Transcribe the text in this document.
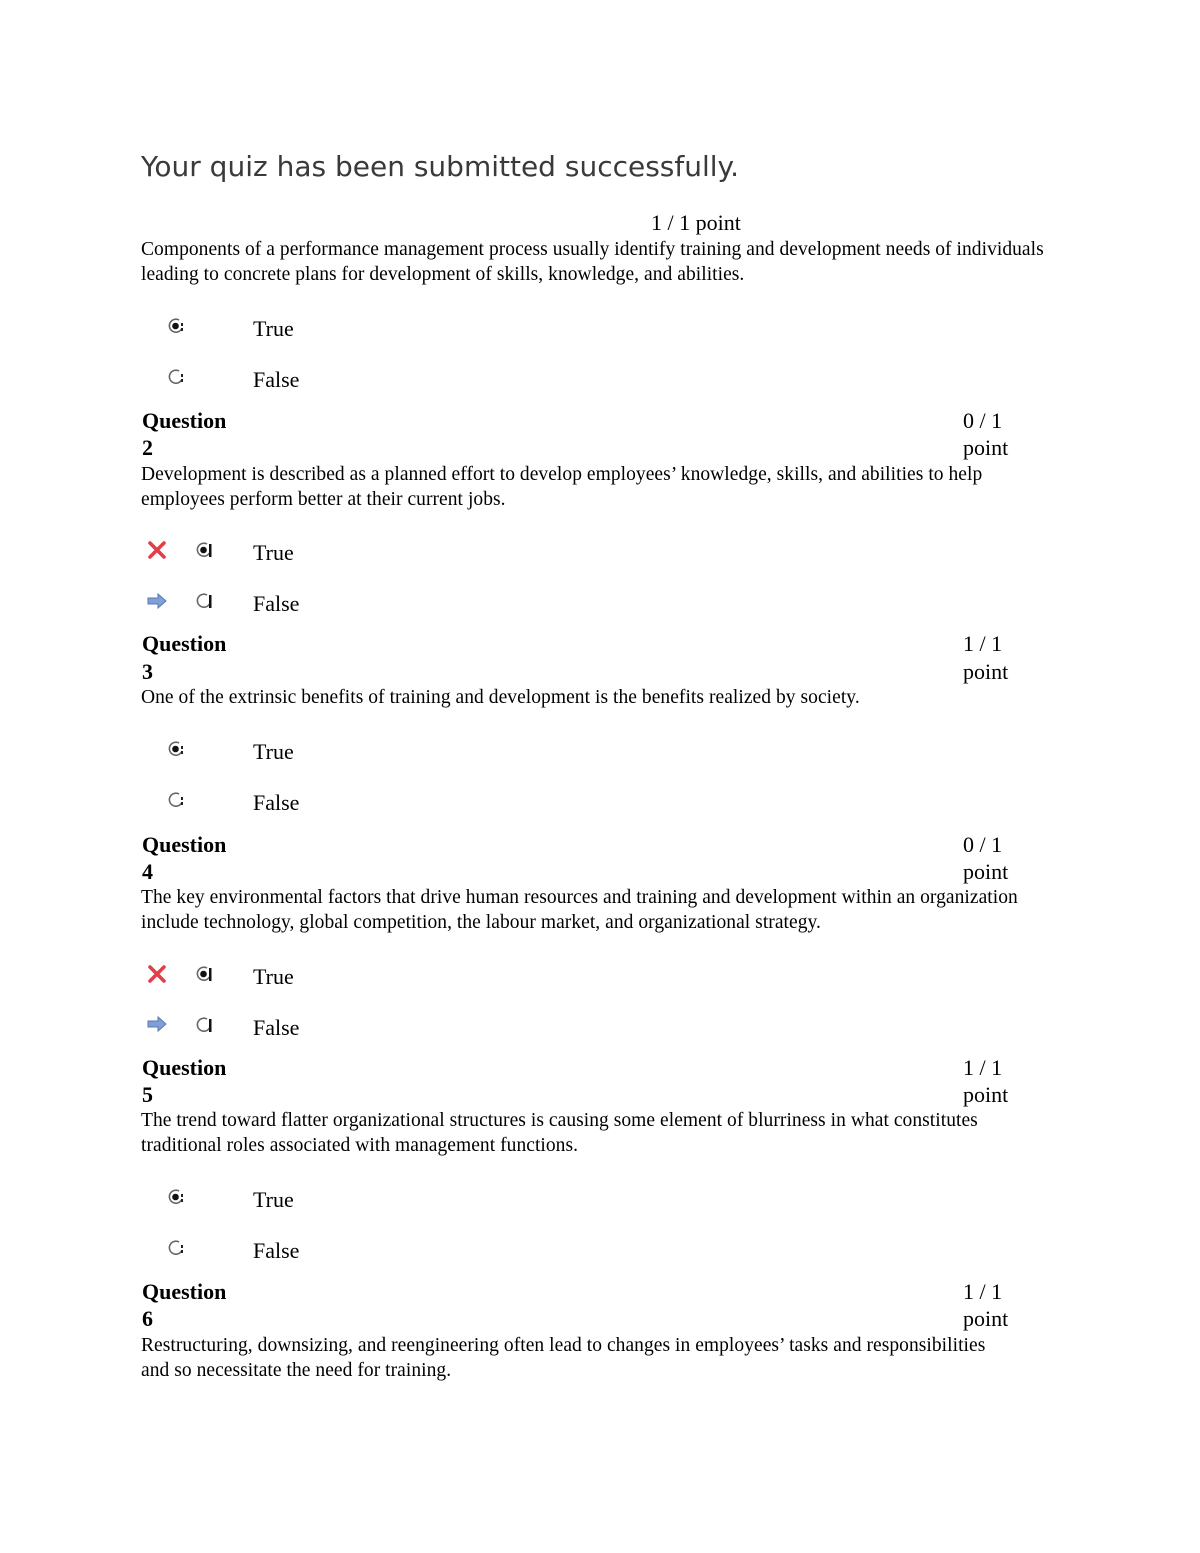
Your quiz has been submitted successfully.
1 / 1 point
Components of a performance management process usually identify training and development needs of individuals leading to concrete plans for development of skills, knowledge, and abilities.
True
False
Question
2
0 / 1
point
Development is described as a planned effort to develop employees’ knowledge, skills, and abilities to help employees perform better at their current jobs.
True
False
Question
3
1 / 1
point
One of the extrinsic benefits of training and development is the benefits realized by society.
True
False
Question
4
0 / 1
point
The key environmental factors that drive human resources and training and development within an organization include technology, global competition, the labour market, and organizational strategy.
True
False
Question
5
1 / 1
point
The trend toward flatter organizational structures is causing some element of blurriness in what constitutes traditional roles associated with management functions.
True
False
Question
6
1 / 1
point
Restructuring, downsizing, and reengineering often lead to changes in employees’ tasks and responsibilities and so necessitate the need for training.
